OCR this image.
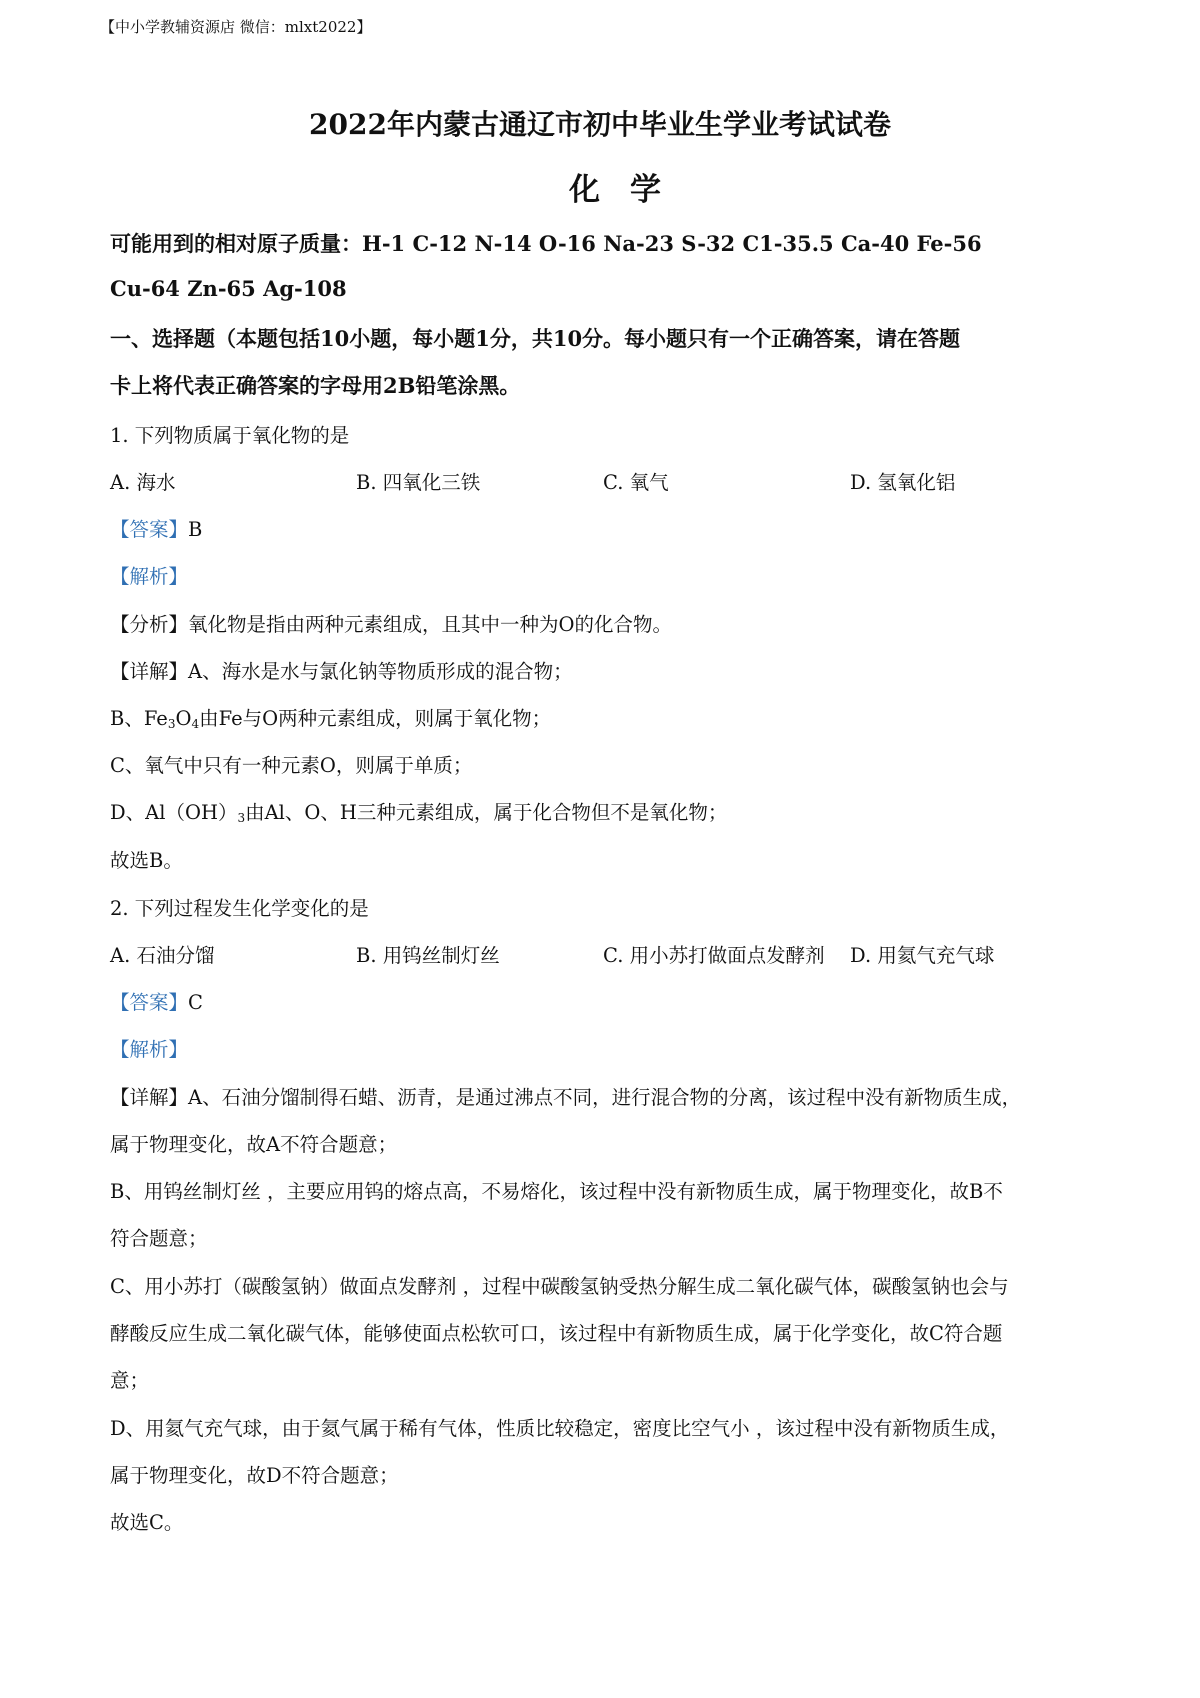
【中小学教辅资源店 微信：mlxt2022】
2022年内蒙古通辽市初中毕业生学业考试试卷
化学
可能用到的相对原子质量：H-1 C-12 N-14 O-16 Na-23 S-32 C1-35.5 Ca-40 Fe-56
Cu-64 Zn-65 Ag-108
一、选择题（本题包括10小题，每小题1分，共10分。每小题只有一个正确答案，请在答题
卡上将代表正确答案的字母用2B铅笔涂黑。
1. 下列物质属于氧化物的是
A. 海水	B. 四氧化三铁	C. 氧气	D. 氢氧化铝
【答案】B
【解析】
【分析】氧化物是指由两种元素组成，且其中一种为O的化合物。
【详解】A、海水是水与氯化钠等物质形成的混合物；
B、$Fe_3O_4$由Fe与O两种元素组成，则属于氧化物；
C、氧气中只有一种元素O，则属于单质；
D、$Al(OH)_3$由Al、O、H三种元素组成，属于化合物但不是氧化物；
故选B。
2. 下列过程发生化学变化的是
A. 石油分馏	B. 用钨丝制灯丝	C. 用小苏打做面点发酵剂 D. 用氦气充气球
【答案】C
【解析】
【详解】A、石油分馏制得石蜡、沥青，是通过沸点不同，进行混合物的分离，该过程中没有新物质生成，
属于物理变化，故A不符合题意；
B、用钨丝制灯丝 ，主要应用钨的熔点高，不易熔化，该过程中没有新物质生成，属于物理变化，故B不
符合题意；
C、用小苏打（碳酸氢钠）做面点发酵剂 ，过程中碳酸氢钠受热分解生成二氧化碳气体，碳酸氢钠也会与
酵酸反应生成二氧化碳气体，能够使面点松软可口，该过程中有新物质生成，属于化学变化，故C符合题
意；
D、用氦气充气球，由于氦气属于稀有气体，性质比较稳定，密度比空气小 ，该过程中没有新物质生成，
属于物理变化，故D不符合题意；
故选C。
